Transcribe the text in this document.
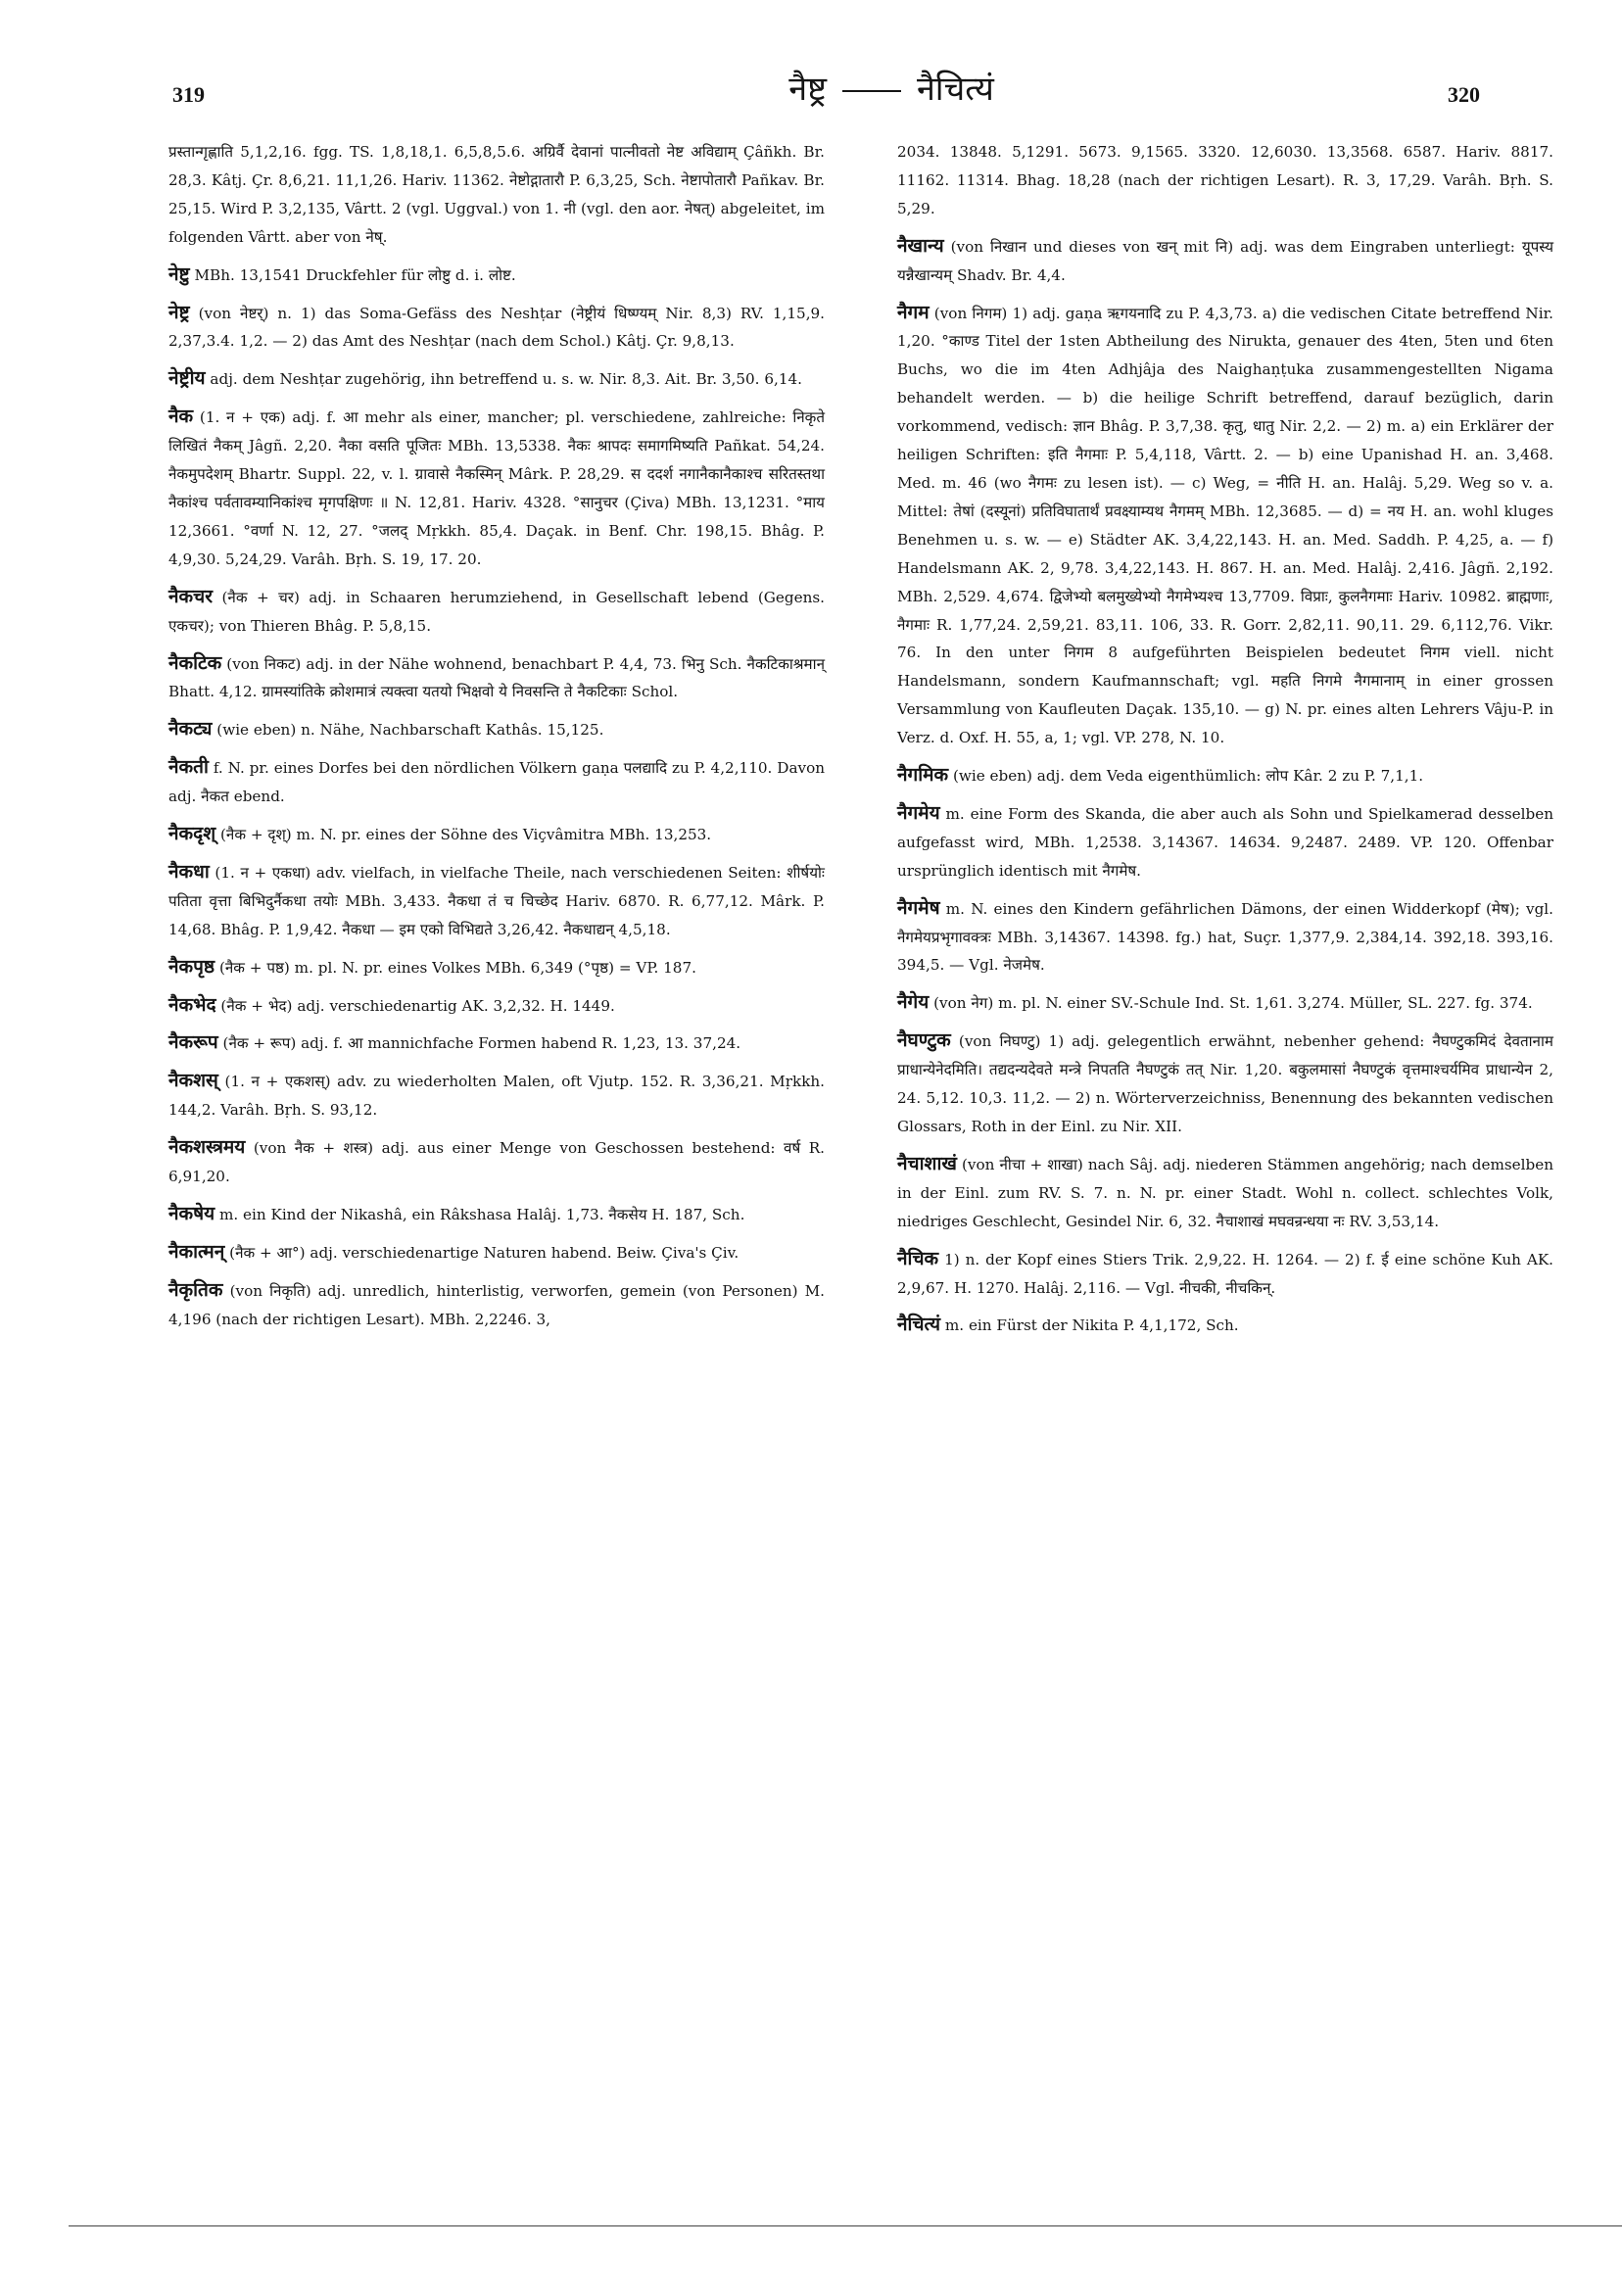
319	नैष्ट्र	नैचित्यं	320

प्रस्तान्गृह्णाति 5,1,2,16. fgg. TS. 1,8,18,1. 6,5,8,5.6. अग्रिर्वै देवानां पात्नीवतो नेष्ट अविद्याम् Çâñkh. Br. 28,3. Kâtj. Çr. 8,6,21. 11,1,26. Hariv. 11362. नेष्टोद्गातारौ P. 6,3,25, Sch. नेष्टापोतारौ Pañkav. Br. 25,15. Wird P. 3,2,135, Vârtt. 2 (vgl. Uggval.) von 1. नी (vgl. den aor. नेषत्) abgeleitet, im folgenden Vârtt. aber von नेष्.

नेष्टु MBh. 13,1541 Druckfehler für लोष्टु d. i. लोष्ट.

नेष्ट्र (von नेष्टर्) n. 1) das Soma-Gefäss des Neshṭar (नेष्ट्रीयं धिष्ण्यम् Nir. 8,3) RV. 1,15,9. 2,37,3.4. 1,2. — 2) das Amt des Neshṭar (nach dem Schol.) Kâtj. Çr. 9,8,13.

नेष्ट्रीय adj. dem Neshṭar zugehörig, ihn betreffend u. s. w. Nir. 8,3. Ait. Br. 3,50. 6,14.

नैक (1. न + एक) adj. f. आ mehr als einer, mancher; pl. verschiedene, zahlreiche: निकृते लिखितं नैकम् Jâgñ. 2,20. नैका वसति पूजितः MBh. 13,5338. नैकः श्रापदः समागमिष्यति Pañkat. 54,24. नैकमुपदेशम् Bhartr. Suppl. 22, v. l. ग्रावासे नैकस्मिन् Mârk. P. 28,29. स ददर्श नगानैकानैकाश्च सरितस्तथा नैकांश्च पर्वतावम्यानिकांश्च मृगपक्षिणः ॥ N. 12,81. Hariv. 4328. °सानुचर (Çiva) MBh. 13,1231. °माय 12,3661. °वर्णा N. 12, 27. °जलद् Mṛkkh. 85,4. Daçak. in Benf. Chr. 198,15. Bhâg. P. 4,9,30. 5,24,29. Varâh. Bṛh. S. 19, 17. 20.

नैकचर (नैक + चर) adj. in Schaaren herumziehend, in Gesellschaft lebend (Gegens. एकचर); von Thieren Bhâg. P. 5,8,15.

नैकटिक (von निकट) adj. in der Nähe wohnend, benachbart P. 4,4, 73. भिनु Sch. नैकटिकाश्रमान् Bhatt. 4,12. ग्रामस्यांतिके क्रोशमात्रं त्यक्त्वा यतयो भिक्षवो ये निवसन्ति ते नैकटिकाः Schol.

नैकट्य (wie eben) n. Nähe, Nachbarschaft Kathâs. 15,125.

नैकती f. N. pr. eines Dorfes bei den nördlichen Völkern gaṇa पलद्यादि zu P. 4,2,110. Davon adj. नैकत ebend.

नैकदृश् (नैक + दृश्) m. N. pr. eines der Söhne des Viçvâmitra MBh. 13,253.

नैकधा (1. न + एकधा) adv. vielfach, in vielfache Theile, nach verschiedenen Seiten: शीर्षयोः पतिता वृत्ता बिभिदुर्नैकधा तयोः MBh. 3,433. नैकधा तं च चिच्छेद Hariv. 6870. R. 6,77,12. Mârk. P. 14,68. Bhâg. P. 1,9,42. नैकधा — इम एको विभिद्यते 3,26,42. नैकधाद्यन् 4,5,18.

नैकपृष्ठ (नैक + पष्ठ) m. pl. N. pr. eines Volkes MBh. 6,349 (°पृष्ठ) = VP. 187.

नैकभेद (नैक + भेद) adj. verschiedenartig AK. 3,2,32. H. 1449.

नैकरूप (नैक + रूप) adj. f. आ mannichfache Formen habend R. 1,23, 13. 37,24.

नैकशस् (1. न + एकशस्) adv. zu wiederholten Malen, oft Vjutp. 152. R. 3,36,21. Mṛkkh. 144,2. Varâh. Bṛh. S. 93,12.

नैकशस्त्रमय (von नैक + शस्त्र) adj. aus einer Menge von Geschossen bestehend: वर्ष R. 6,91,20.

नैकषेय m. ein Kind der Nikashâ, ein Râkshasa Halâj. 1,73. नैकसेय H. 187, Sch.

नैकात्मन् (नैक + आ°) adj. verschiedenartige Naturen habend. Beiw. Çiva's Çiv.

नैकृतिक (von निकृति) adj. unredlich, hinterlistig, verworfen, gemein (von Personen) M. 4,196 (nach der richtigen Lesart). MBh. 2,2246. 3,

2034. 13848. 5,1291. 5673. 9,1565. 3320. 12,6030. 13,3568. 6587. Hariv. 8817. 11162. 11314. Bhag. 18,28 (nach der richtigen Lesart). R. 3, 17,29. Varâh. Bṛh. S. 5,29.

नैखान्य (von निखान und dieses von खन् mit नि) adj. was dem Eingraben unterliegt: यूपस्य यन्नैखान्यम् Shadv. Br. 4,4.

नैगम (von निगम) 1) adj. gaṇa ऋगयनादि zu P. 4,3,73. a) die vedischen Citate betreffend Nir. 1,20. °काण्ड Titel der 1sten Abtheilung des Nirukta, genauer des 4ten, 5ten und 6ten Buchs, wo die im 4ten Adhjâja des Naighaṇṭuka zusammengestellten Nigama behandelt werden. — b) die heilige Schrift betreffend, darauf bezüglich, darin vorkommend, vedisch: ज्ञान Bhâg. P. 3,7,38. कृतु, धातु Nir. 2,2. — 2) m. a) ein Erklärer der heiligen Schriften: इति नैगमाः P. 5,4,118, Vârtt. 2. — b) eine Upanishad H. an. 3,468. Med. m. 46 (wo नैगमः zu lesen ist). — c) Weg, = नीति H. an. Halâj. 5,29. Weg so v. a. Mittel: तेषां (दस्यूनां) प्रतिविघातार्थं प्रवक्ष्याम्यथ नैगमम् MBh. 12,3685. — d) = नय H. an. wohl kluges Benehmen u. s. w. — e) Städter AK. 3,4,22,143. H. an. Med. Saddh. P. 4,25, a. — f) Handelsmann AK. 2, 9,78. 3,4,22,143. H. 867. H. an. Med. Halâj. 2,416. Jâgñ. 2,192. MBh. 2,529. 4,674. द्विजेभ्यो बलमुख्येभ्यो नैगमेभ्यश्च 13,7709. विप्राः, कुलनैगमाः Hariv. 10982. ब्राह्मणाः, नैगमाः R. 1,77,24. 2,59,21. 83,11. 106, 33. R. Gorr. 2,82,11. 90,11. 29. 6,112,76. Vikr. 76. In den unter निगम 8 aufgeführten Beispielen bedeutet निगम viell. nicht Handelsmann, sondern Kaufmannschaft; vgl. महति निगमे नैगमानाम् in einer grossen Versammlung von Kaufleuten Daçak. 135,10. — g) N. pr. eines alten Lehrers Vâju-P. in Verz. d. Oxf. H. 55, a, 1; vgl. VP. 278, N. 10.

नैगमिक (wie eben) adj. dem Veda eigenthümlich: लोप Kâr. 2 zu P. 7,1,1.

नैगमेय m. eine Form des Skanda, die aber auch als Sohn und Spielkamerad desselben aufgefasst wird, MBh. 1,2538. 3,14367. 14634. 9,2487. 2489. VP. 120. Offenbar ursprünglich identisch mit नैगमेष.

नैगमेष m. N. eines den Kindern gefährlichen Dämons, der einen Widderkopf (मेष); vgl. नैगमेयप्रभृगावक्त्रः MBh. 3,14367. 14398. fg.) hat, Suçr. 1,377,9. 2,384,14. 392,18. 393,16. 394,5. — Vgl. नेजमेष.

नैगेय (von नेग) m. pl. N. einer SV.-Schule Ind. St. 1,61. 3,274. Müller, SL. 227. fg. 374.

नैघण्टुक (von निघण्टु) 1) adj. gelegentlich erwähnt, nebenher gehend: नैघण्टुकमिदं देवतानाम प्राधान्येनेदमिति। तद्यदन्यदेवते मन्त्रे निपतति नैघण्टुकं तत् Nir. 1,20. बकुलमासां नैघण्टुकं वृत्तमाश्चर्यमिव प्राधान्येन 2, 24. 5,12. 10,3. 11,2. — 2) n. Wörterverzeichniss, Benennung des bekannten vedischen Glossars, Roth in der Einl. zu Nir. XII.

नैचाशाखं (von नीचा + शाखा) nach Sâj. adj. niederen Stämmen angehörig; nach demselben in der Einl. zum RV. S. 7. n. N. pr. einer Stadt. Wohl n. collect. schlechtes Volk, niedriges Geschlecht, Gesindel Nir. 6, 32. नैचाशाखं मघवन्रन्धया नः RV. 3,53,14.

नैचिक 1) n. der Kopf eines Stiers Trik. 2,9,22. H. 1264. — 2) f. ई eine schöne Kuh AK. 2,9,67. H. 1270. Halâj. 2,116. — Vgl. नीचकी, नीचकिन्.

नैचित्यं m. ein Fürst der Nikita P. 4,1,172, Sch.
